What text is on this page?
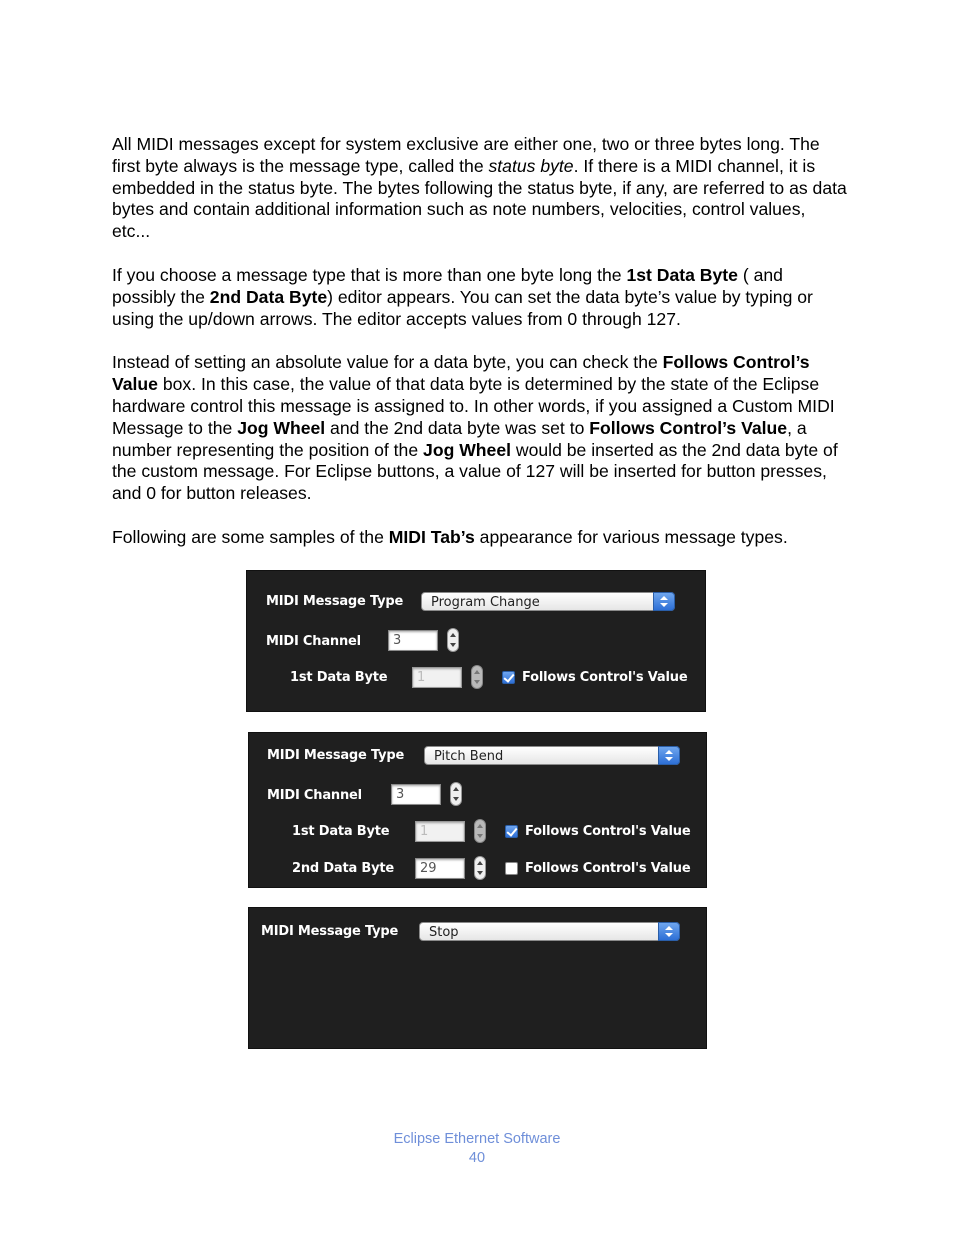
All MIDI messages except for system exclusive are either one, two or three bytes long. The first byte always is the message type, called the status byte. If there is a MIDI channel, it is embedded in the status byte. The bytes following the status byte, if any, are referred to as data bytes and contain additional information such as note numbers, velocities, control values, etc...

If you choose a message type that is more than one byte long the 1st Data Byte ( and possibly the 2nd Data Byte) editor appears. You can set the data byte’s value by typing or using the up/down arrows. The editor accepts values from 0 through 127.

Instead of setting an absolute value for a data byte, you can check the Follows Control’s Value box. In this case, the value of that data byte is determined by the state of the Eclipse hardware control this message is assigned to. In other words, if you assigned a Custom MIDI Message to the Jog Wheel and the 2nd data byte was set to Follows Control’s Value, a number representing the position of the Jog Wheel would be inserted as the 2nd data byte of the custom message. For Eclipse buttons, a value of 127 will be inserted for button presses, and 0 for button releases.

Following are some samples of the MIDI Tab’s appearance for various message types.

MIDI Message Type	Program Change
MIDI Channel	3
1st Data Byte	1	Follows Control's Value
MIDI Message Type	Pitch Bend
MIDI Channel	3
1st Data Byte	1	Follows Control's Value
2nd Data Byte	29	Follows Control's Value
MIDI Message Type	Stop
Eclipse Ethernet Software
40
